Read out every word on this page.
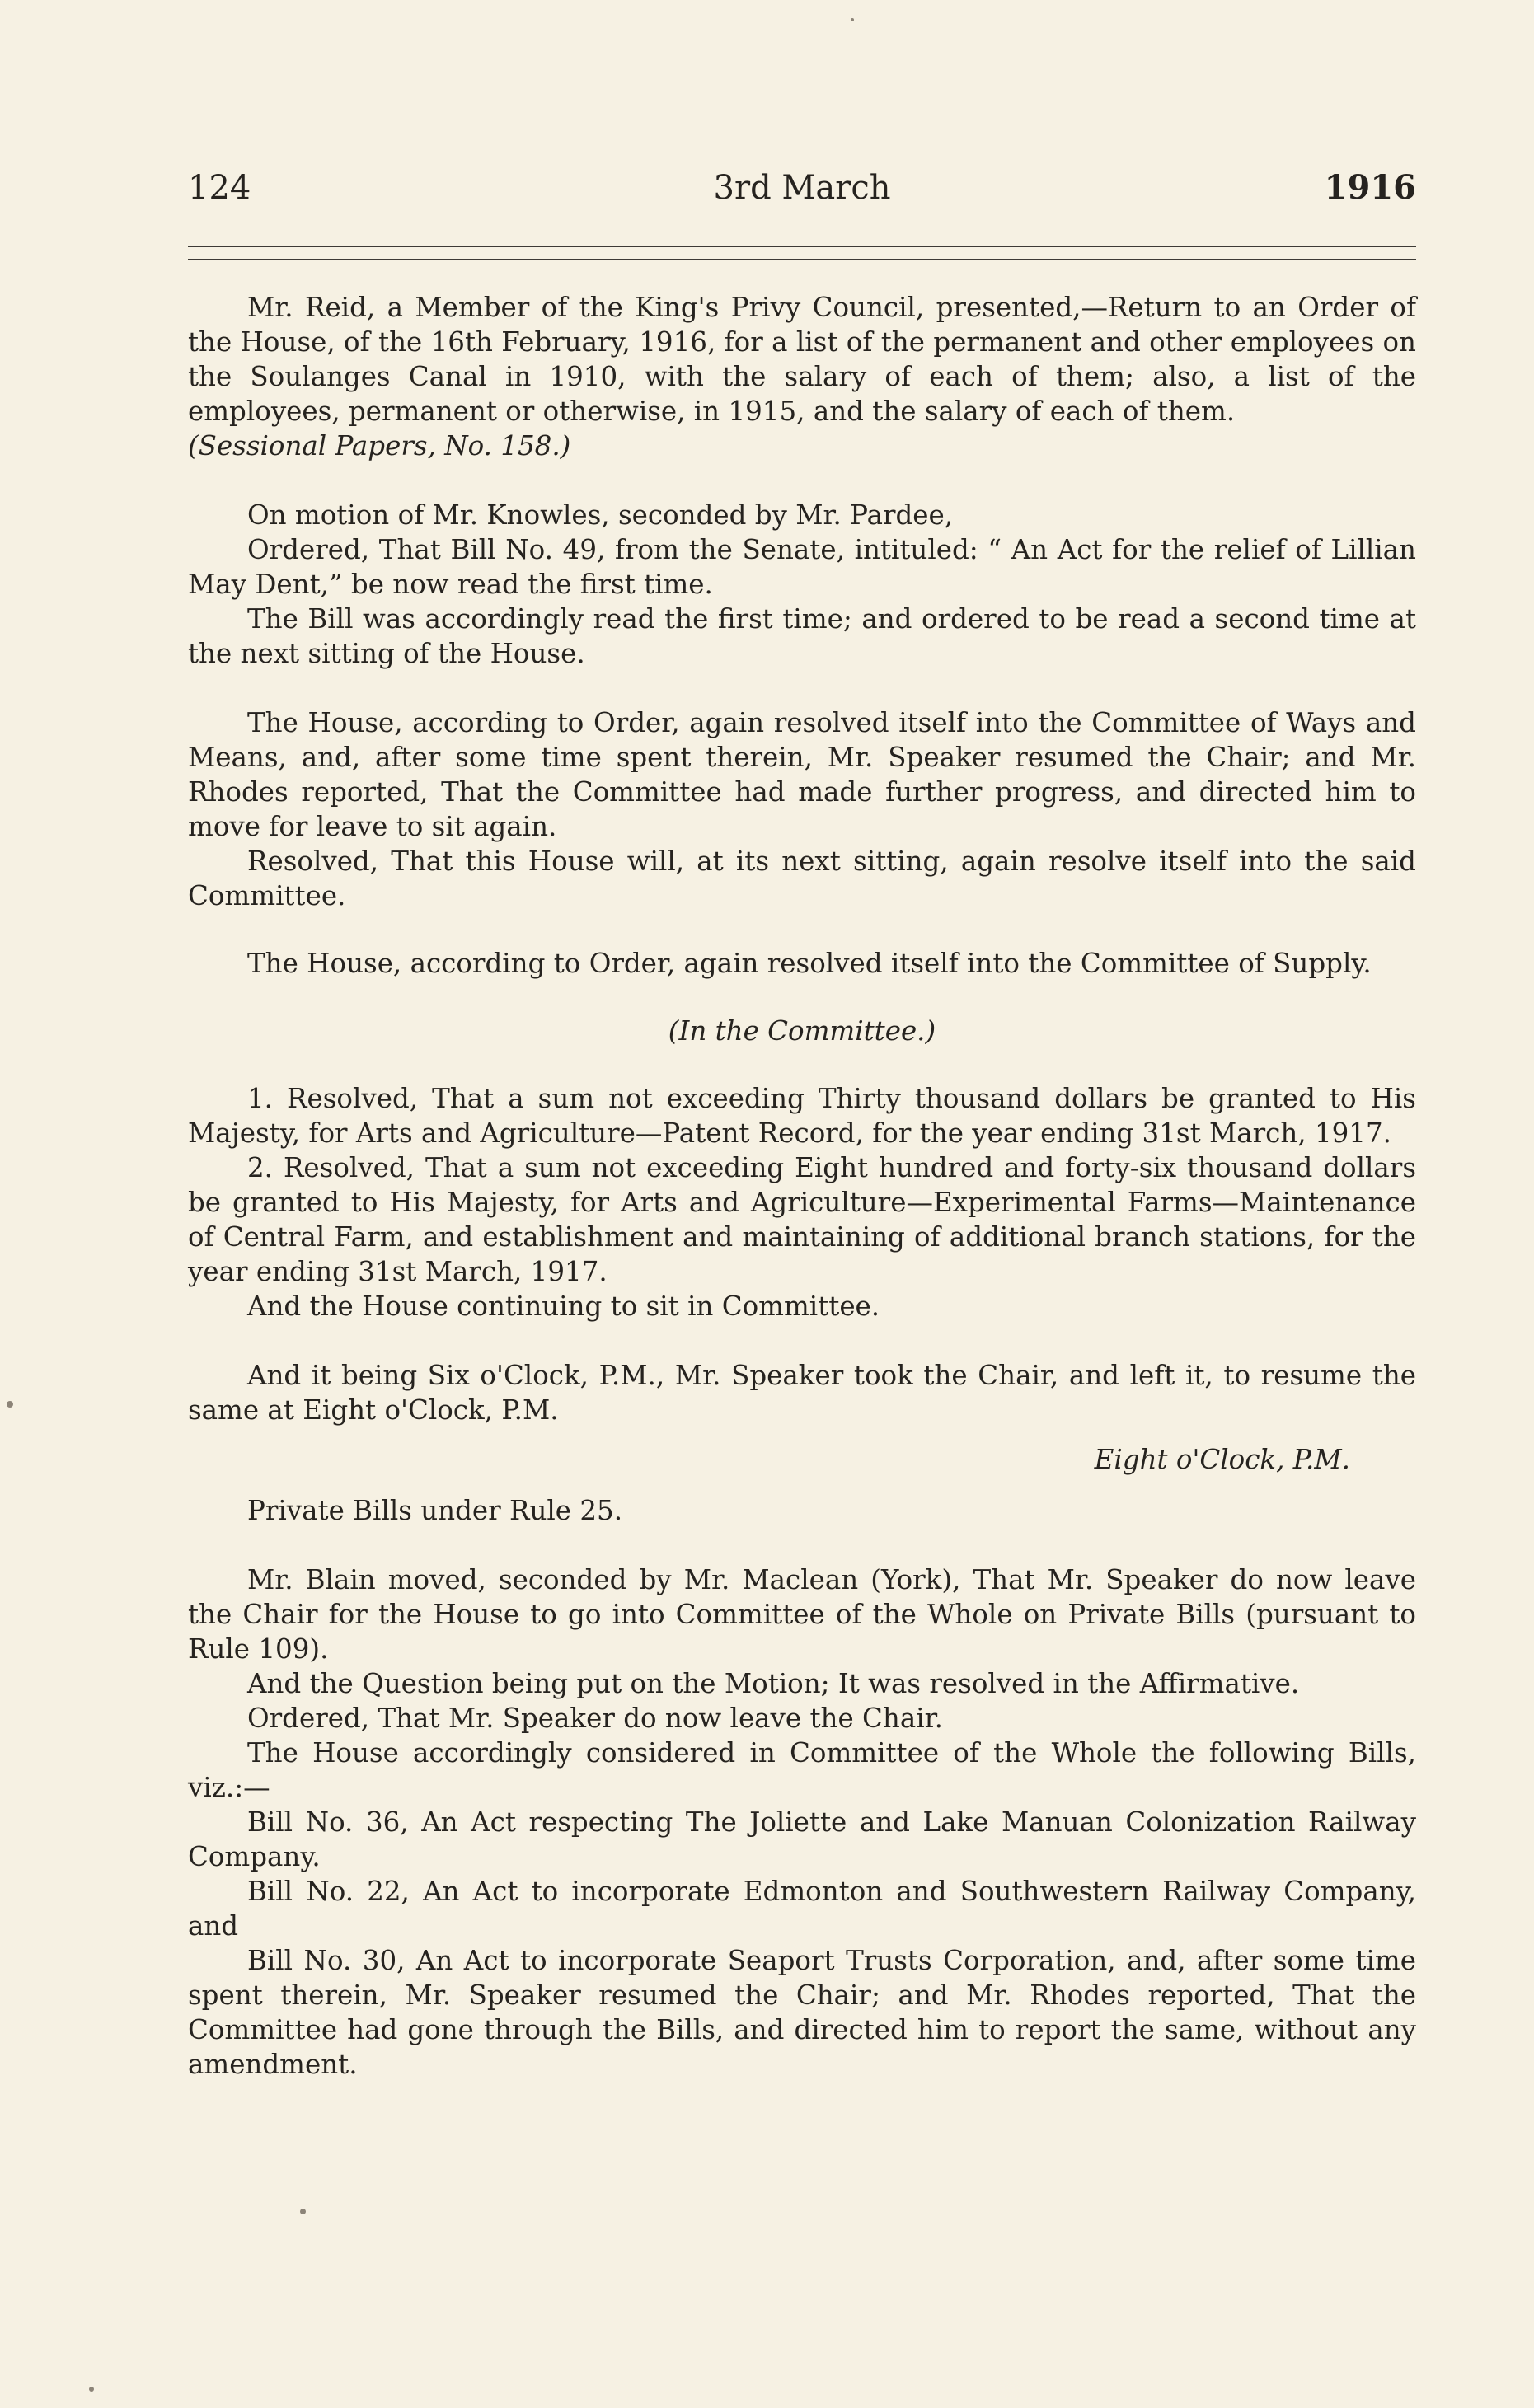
124	3rd March	1916

Mr. Reid, a Member of the King's Privy Council, presented,—Return to an Order of the House, of the 16th February, 1916, for a list of the permanent and other employees on the Soulanges Canal in 1910, with the salary of each of them; also, a list of the employees, permanent or otherwise, in 1915, and the salary of each of them.
(Sessional Papers, No. 158.)

On motion of Mr. Knowles, seconded by Mr. Pardee,

Ordered, That Bill No. 49, from the Senate, intituled: “ An Act for the relief of Lillian May Dent,” be now read the first time.

The Bill was accordingly read the first time; and ordered to be read a second time at the next sitting of the House.

The House, according to Order, again resolved itself into the Committee of Ways and Means, and, after some time spent therein, Mr. Speaker resumed the Chair; and Mr. Rhodes reported, That the Committee had made further progress, and directed him to move for leave to sit again.

Resolved, That this House will, at its next sitting, again resolve itself into the said Committee.

The House, according to Order, again resolved itself into the Committee of Supply.

(In the Committee.)

1. Resolved, That a sum not exceeding Thirty thousand dollars be granted to His Majesty, for Arts and Agriculture—Patent Record, for the year ending 31st March, 1917.

2. Resolved, That a sum not exceeding Eight hundred and forty-six thousand dollars be granted to His Majesty, for Arts and Agriculture—Experimental Farms—Maintenance of Central Farm, and establishment and maintaining of additional branch stations, for the year ending 31st March, 1917.

And the House continuing to sit in Committee.

And it being Six o'Clock, P.M., Mr. Speaker took the Chair, and left it, to resume the same at Eight o'Clock, P.M.

Eight o'Clock, P.M.

Private Bills under Rule 25.

Mr. Blain moved, seconded by Mr. Maclean (York), That Mr. Speaker do now leave the Chair for the House to go into Committee of the Whole on Private Bills (pursuant to Rule 109).

And the Question being put on the Motion; It was resolved in the Affirmative.

Ordered, That Mr. Speaker do now leave the Chair.

The House accordingly considered in Committee of the Whole the following Bills, viz.:—

Bill No. 36, An Act respecting The Joliette and Lake Manuan Colonization Railway Company.

Bill No. 22, An Act to incorporate Edmonton and Southwestern Railway Company, and

Bill No. 30, An Act to incorporate Seaport Trusts Corporation, and, after some time spent therein, Mr. Speaker resumed the Chair; and Mr. Rhodes reported, That the Committee had gone through the Bills, and directed him to report the same, without any amendment.
